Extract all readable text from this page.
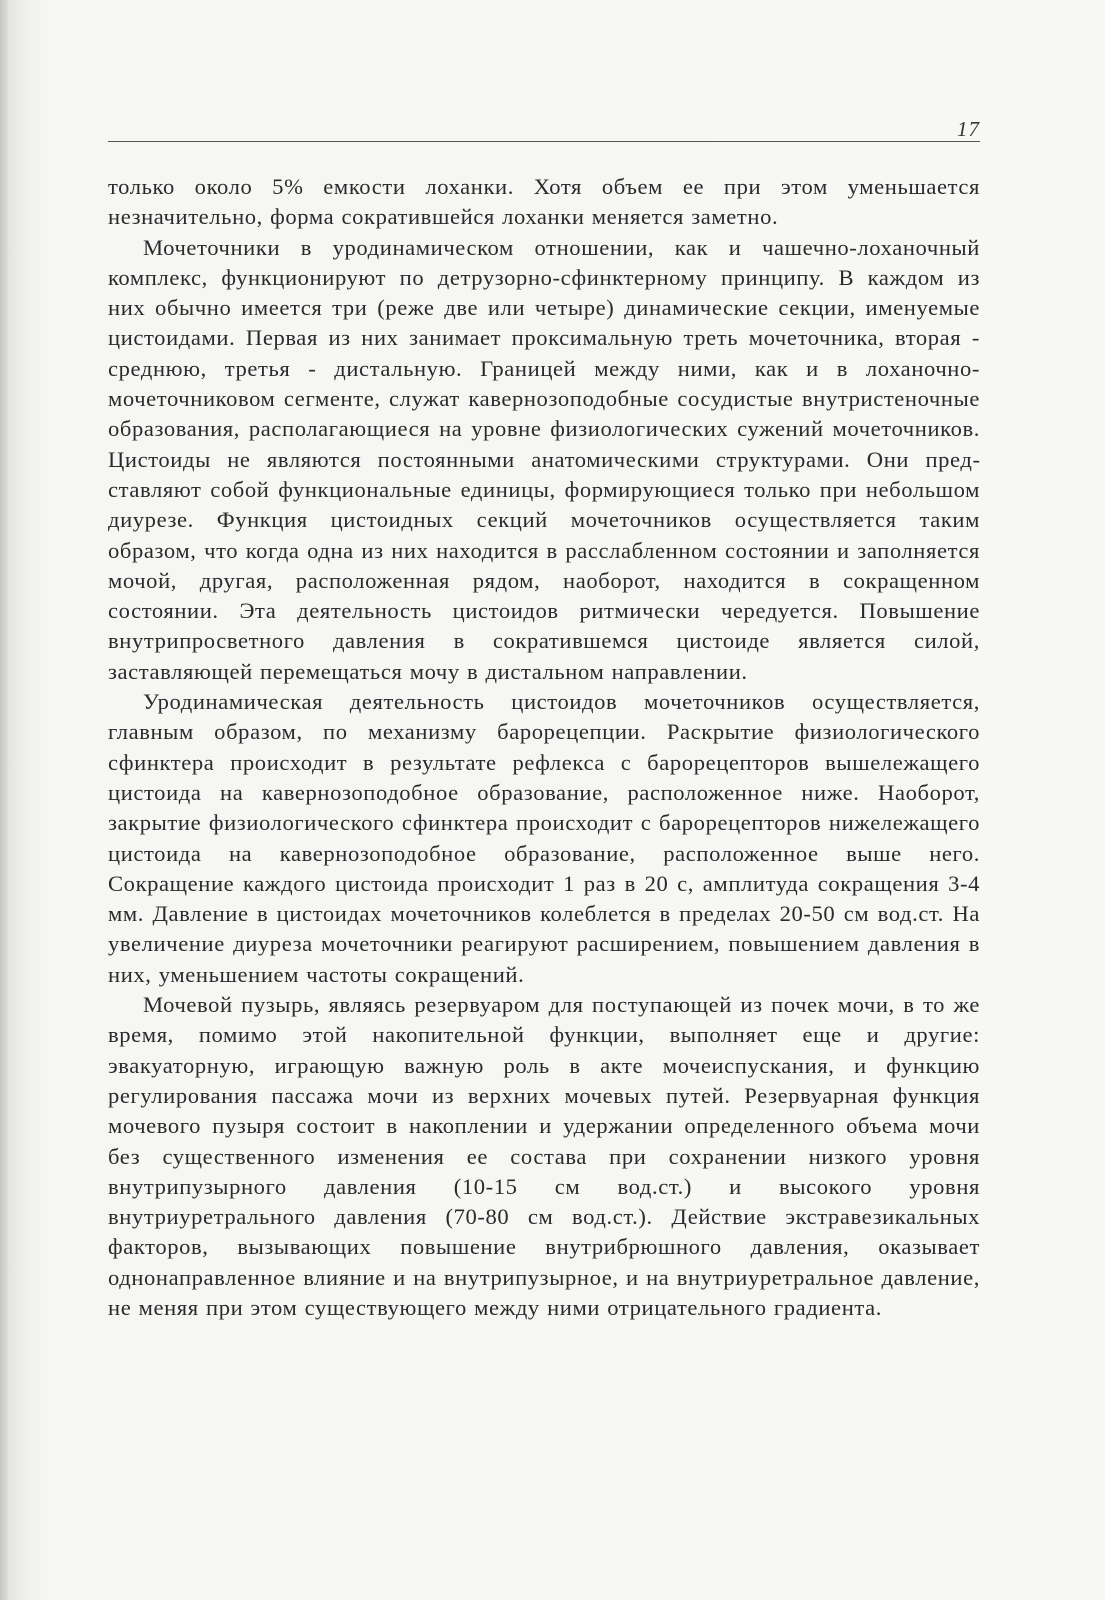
17

только около 5% емкости лоханки. Хотя объем ее при этом уменьшается незначительно, форма сократившейся лоханки меняется заметно.

Мочеточники в уродинамическом отношении, как и чашечно-лоханочный комплекс, функционируют по детрузорно-сфинктерному принципу. В каждом из них обычно имеется три (реже две или четыре) динамические секции, именуемые цистоидами. Первая из них занимает проксимальную треть мочеточника, вторая - среднюю, третья - дистальную. Границей между ними, как и в лоханочно-мочеточниковом сегменте, служат кавернозоподобные сосудистые внутристеночные образования, располагающиеся на уровне физиологических сужений мочеточников. Цистоиды не являются постоянными анатомическими структурами. Они представляют собой функциональные единицы, формирующиеся только при небольшом диурезе. Функция цистоидных секций мочеточников осуществляется таким образом, что когда одна из них находится в расслабленном состоянии и заполняется мочой, другая, расположенная рядом, наоборот, находится в сокращенном состоянии. Эта деятельность цистоидов ритмически чередуется. Повышение внутрипросветного давления в сократившемся цистоиде является силой, заставляющей перемещаться мочу в дистальном направлении.

Уродинамическая деятельность цистоидов мочеточников осуществляется, главным образом, по механизму барорецепции. Раскрытие физиологического сфинктера происходит в результате рефлекса с барорецепторов вышележащего цистоида на кавернозоподобное образование, расположенное ниже. Наоборот, закрытие физиологического сфинктера происходит с барорецепторов нижележащего цистоида на кавернозоподобное образование, расположенное выше него. Сокращение каждого цистоида происходит 1 раз в 20 с, амплитуда сокращения 3-4 мм. Давление в цистоидах мочеточников колеблется в пределах 20-50 см вод.ст. На увеличение диуреза мочеточники реагируют расширением, повышением давления в них, уменьшением частоты сокращений.

Мочевой пузырь, являясь резервуаром для поступающей из почек мочи, в то же время, помимо этой накопительной функции, выполняет еще и другие: эвакуаторную, играющую важную роль в акте мочеиспускания, и функцию регулирования пассажа мочи из верхних мочевых путей. Резервуарная функция мочевого пузыря состоит в накоплении и удержании определенного объема мочи без существенного изменения ее состава при сохранении низкого уровня внутрипузырного давления (10-15 см вод.ст.) и высокого уровня внутриуретрального давления (70-80 см вод.ст.). Действие экстравезикальных факторов, вызывающих повышение внутрибрюшного давления, оказывает однонаправленное влияние и на внутрипузырное, и на внутриуретральное давление, не меняя при этом существующего между ними отрицательного градиента.
